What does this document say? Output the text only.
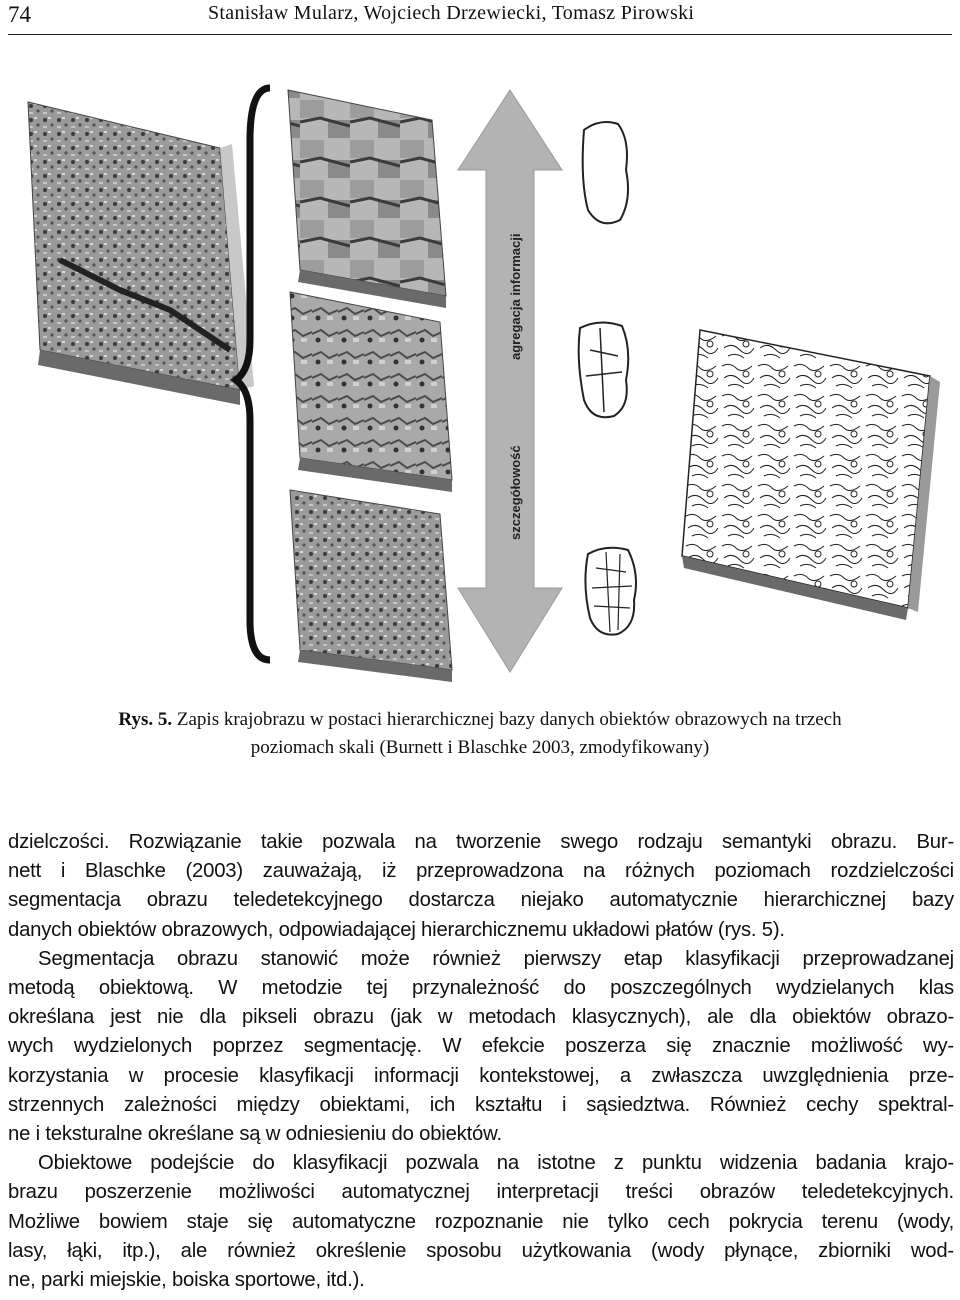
74	Stanisław Mularz, Wojciech Drzewiecki, Tomasz Pirowski
agregacja informacji
szczegółowość
Rys. 5. Zapis krajobrazu w postaci hierarchicznej bazy danych obiektów obrazowych na trzech
poziomach skali (Burnett i Blaschke 2003, zmodyfikowany)

dzielczości. Rozwiązanie takie pozwala na tworzenie swego rodzaju semantyki obrazu. Bur-
nett i Blaschke (2003) zauważają, iż przeprowadzona na różnych poziomach rozdzielczości
segmentacja obrazu teledetekcyjnego dostarcza niejako automatycznie hierarchicznej bazy
danych obiektów obrazowych, odpowiadającej hierarchicznemu układowi płatów (rys. 5).

Segmentacja obrazu stanowić może również pierwszy etap klasyfikacji przeprowadzanej
metodą obiektową. W metodzie tej przynależność do poszczególnych wydzielanych klas
określana jest nie dla pikseli obrazu (jak w metodach klasycznych), ale dla obiektów obrazo-
wych wydzielonych poprzez segmentację. W efekcie poszerza się znacznie możliwość wy-
korzystania w procesie klasyfikacji informacji kontekstowej, a zwłaszcza uwzględnienia prze-
strzennych zależności między obiektami, ich kształtu i sąsiedztwa. Również cechy spektral-
ne i teksturalne określane są w odniesieniu do obiektów.

Obiektowe podejście do klasyfikacji pozwala na istotne z punktu widzenia badania krajo-
brazu poszerzenie możliwości automatycznej interpretacji treści obrazów teledetekcyjnych.
Możliwe bowiem staje się automatyczne rozpoznanie nie tylko cech pokrycia terenu (wody,
lasy, łąki, itp.), ale również określenie sposobu użytkowania (wody płynące, zbiorniki wod-
ne, parki miejskie, boiska sportowe, itd.).
